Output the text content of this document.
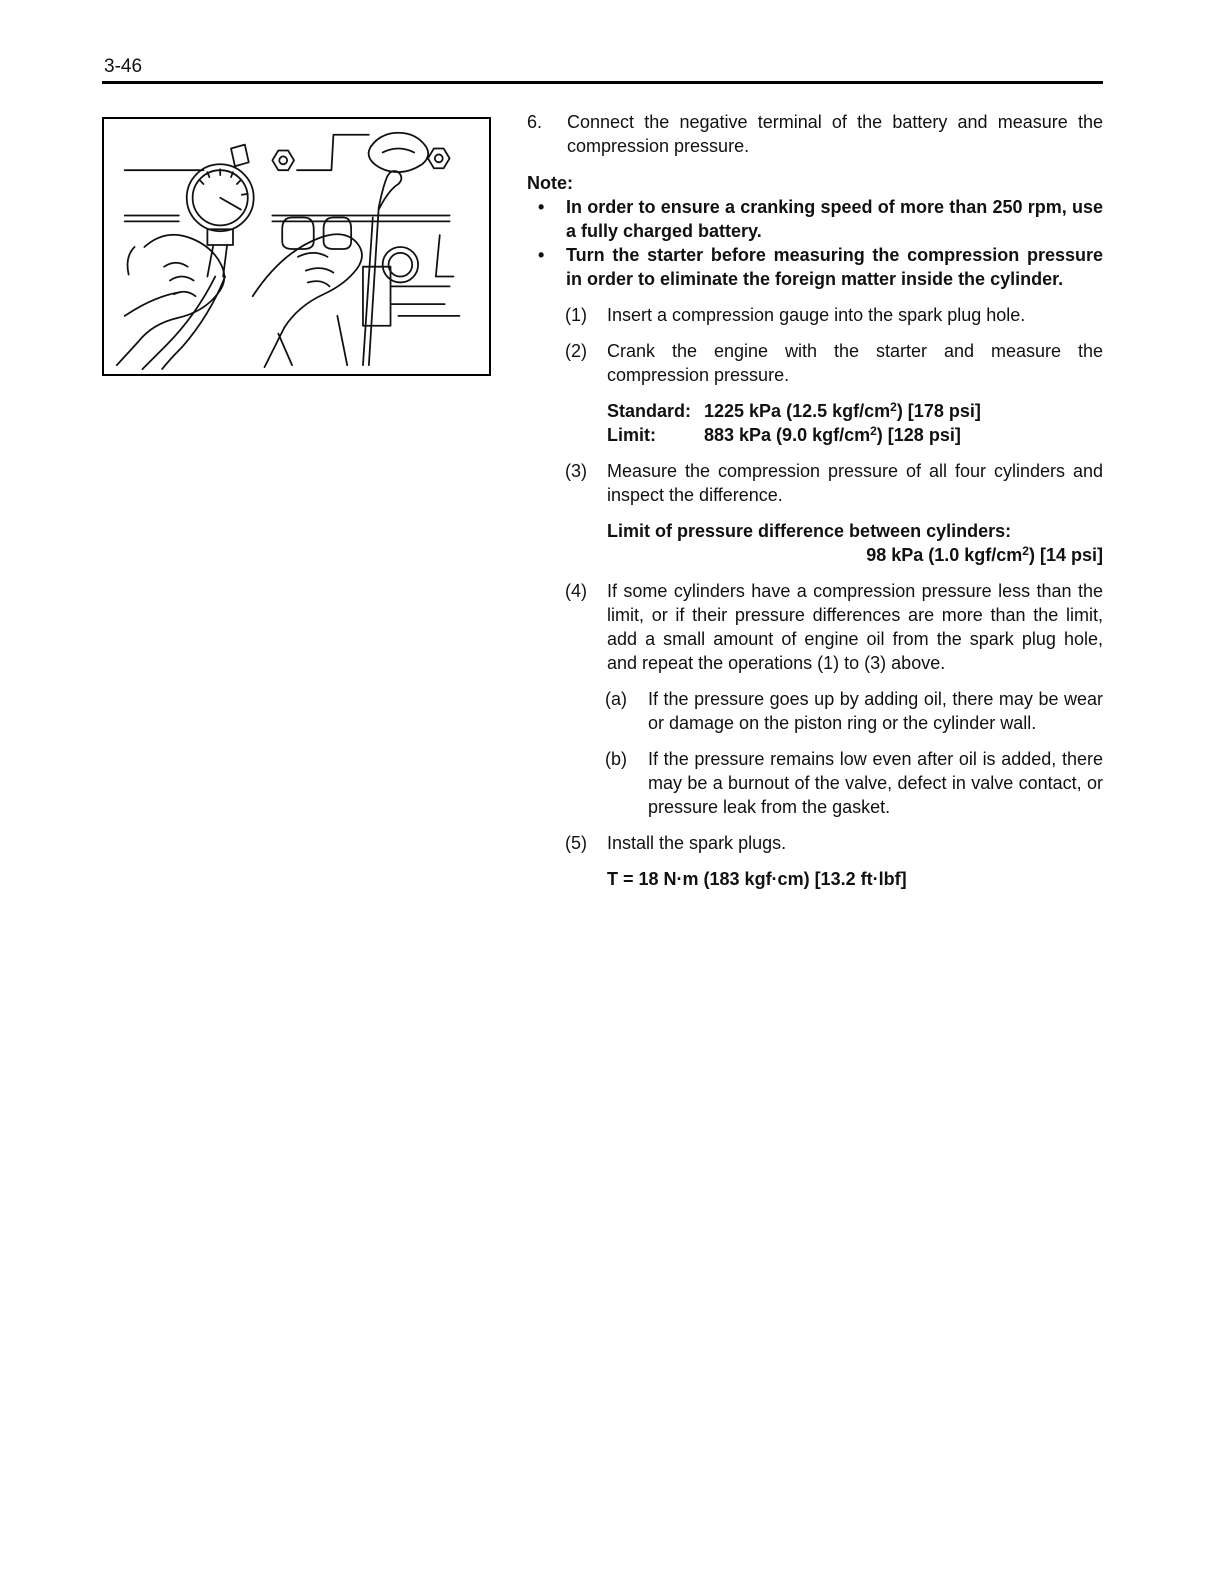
3-46
6.	Connect the negative terminal of the battery and measure the compression pressure.
Note:
•	In order to ensure a cranking speed of more than 250 rpm, use a fully charged battery.
•	Turn the starter before measuring the compression pressure in order to eliminate the foreign matter inside the cylinder.
(1)	Insert a compression gauge into the spark plug hole.
(2)	Crank the engine with the starter and measure the compression pressure.
Standard: 1225 kPa (12.5 kgf/$cm^2$) [178 psi]
Limit:	883 kPa (9.0 kgf/$cm^2$) [128 psi]
(3)	Measure the compression pressure of all four cylinders and inspect the difference.
Limit of pressure difference between cylinders:
98 kPa (1.0 kgf/$cm^2$) [14 psi]
(4)	If some cylinders have a compression pressure less than the limit, or if their pressure differences are more than the limit, add a small amount of engine oil from the spark plug hole, and repeat the operations (1) to (3) above.
(a)	If the pressure goes up by adding oil, there may be wear or damage on the piston ring or the cylinder wall.
(b)	If the pressure remains low even after oil is added, there may be a burnout of the valve, defect in valve contact, or pressure leak from the gasket.
(5)	Install the spark plugs.
T = 18 N·m (183 kgf·cm) [13.2 ft·lbf]
